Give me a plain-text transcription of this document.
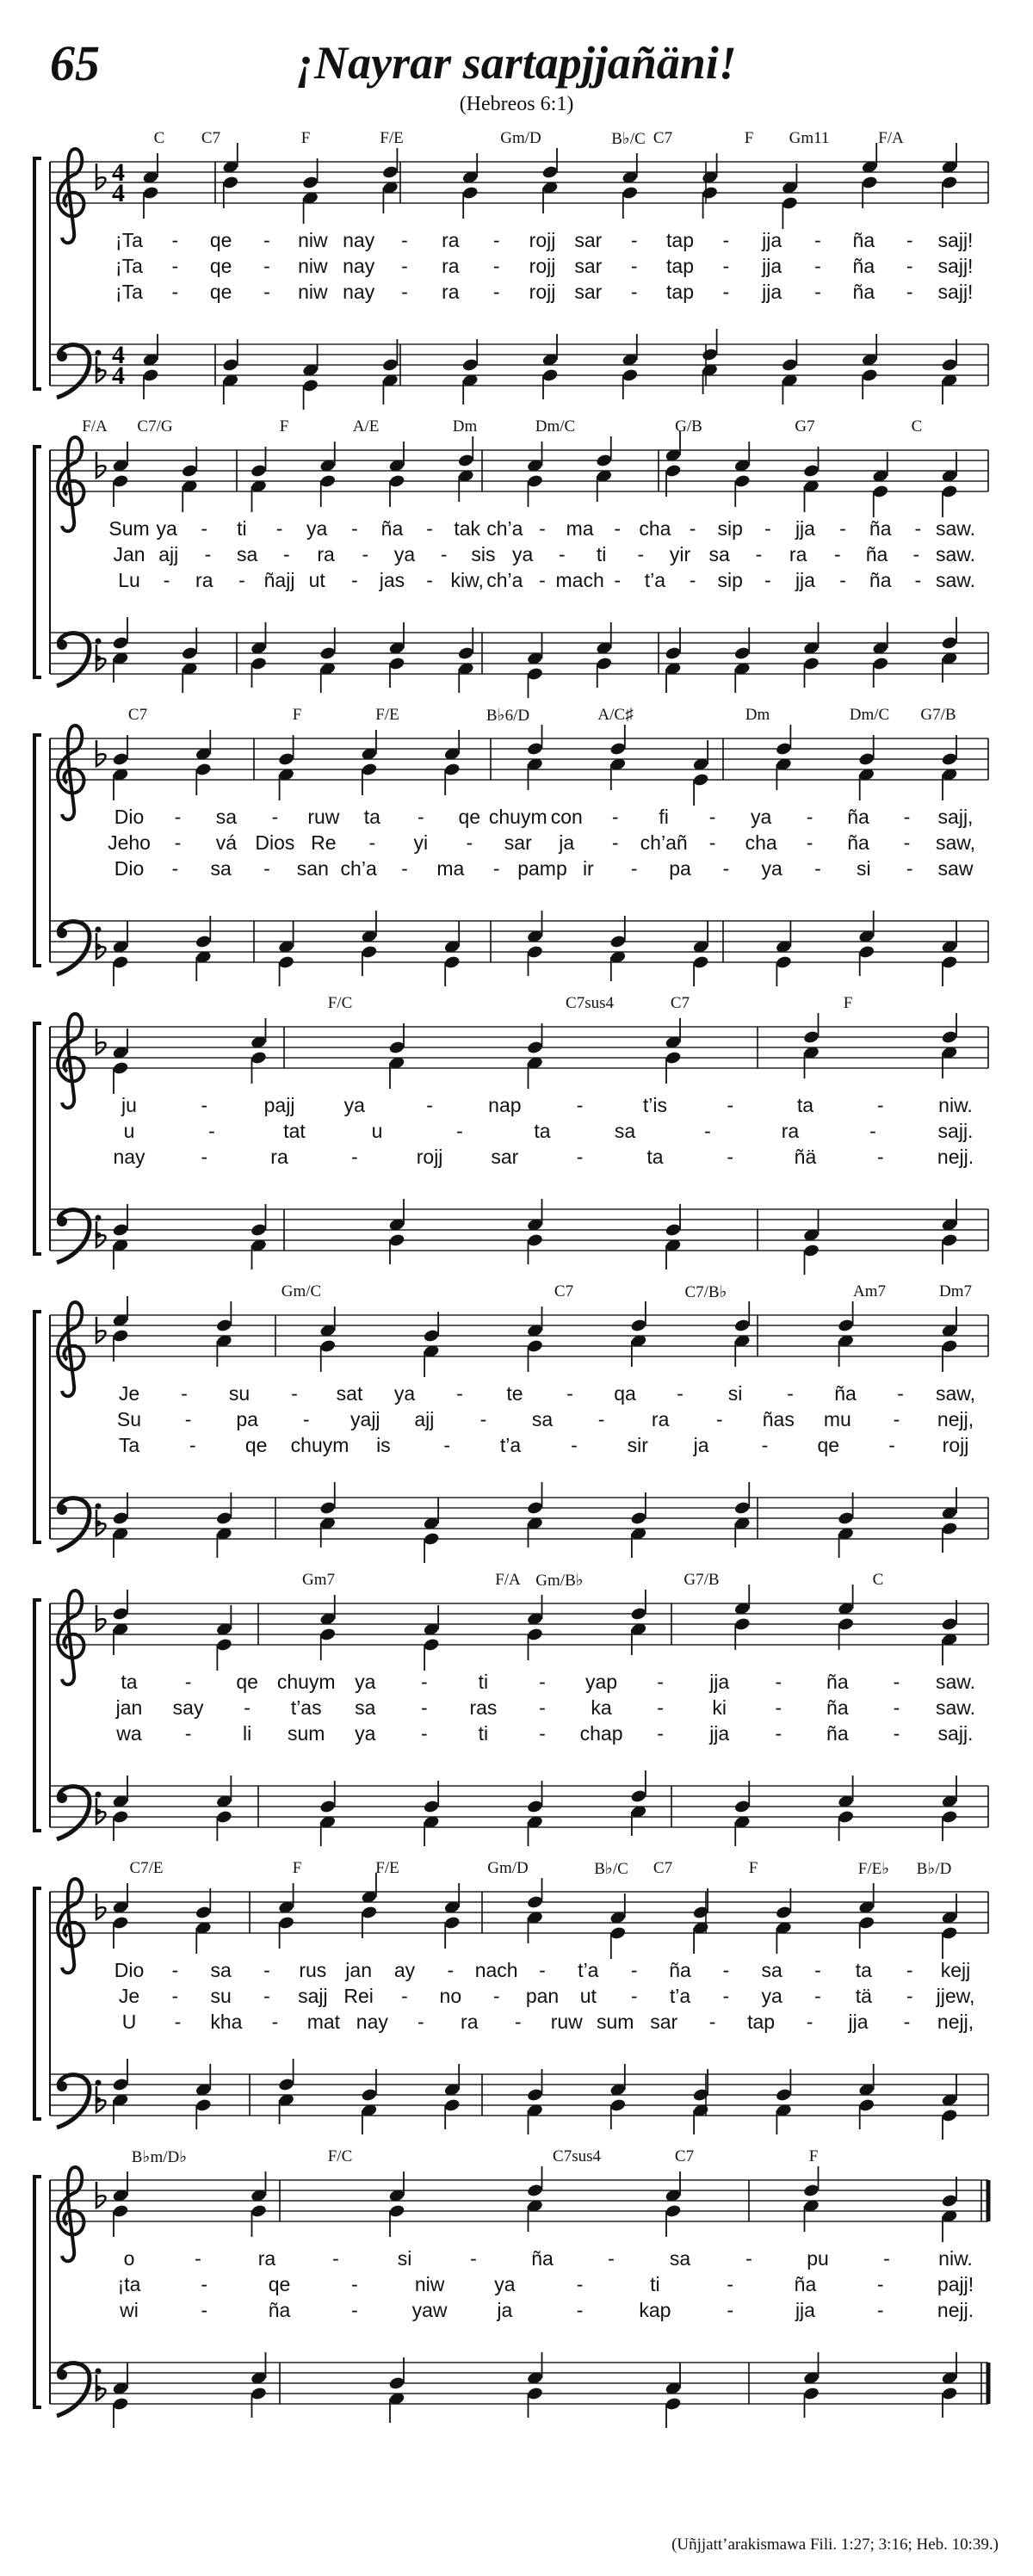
65	¡Nayrar sartapjjañäni!
(Hebreos 6:1)
4
4
4
4
C C7	F	F/E	Gm/D	B♭/C C7	F Gm11	F/A
¡Ta - qe - niw nay - ra - rojj sar - tap - jja - ña - sajj!
¡Ta - qe - niw nay - ra - rojj sar - tap - jja - ña - sajj!
¡Ta - qe - niw nay - ra - rojj sar - tap - jja - ña - sajj!
F/A C7/G	F	A/E	Dm	Dm/C	G/B	G7	C
Sum ya - ti - ya - ña - tak ch’a - ma - cha - sip - jja - ña - saw.
Jan ajj - sa - ra - ya - sis ya - ti - yir sa - ra - ña - saw.
Lu - ra - ñajj ut - jas - kiw, ch’a - mach - t’a - sip - jja - ña - saw.
C7	F	F/E	B♭6/D	A/C♯	Dm	Dm/C G7/B
Dio - sa - ruw ta - qe chuym con - fi - ya - ña - sajj,
Jeho - vá Dios Re - yi - sar ja - ch’añ - cha - ña - saw,
Dio - sa - san ch’a - ma - pamp ir - pa - ya - si - saw
F/C	C7sus4	C7	F
ju	-	pajj ya	-	nap	-	t’is	-	ta	-	niw.
u	-	tat	u	-	ta	sa	-	ra	-	sajj.
nay	-	ra	-	rojj sar	-	ta	-	ñä	-	nejj.
Gm/C	C7	C7/B♭	Am7	Dm7
Je - su - sat ya - te - qa - si - ña - saw,
Su - pa - yajj ajj - sa - ra - ñas mu - nejj,
Ta	- qe chuym is	-	t’a	-	sir ja	- qe - rojj
Gm7	F/A Gm/B♭	G7/B	C
ta - qe chuym ya -	ti	- yap - jja - ña - saw.
jan say - t’as sa - ras - ka - ki - ña - saw.
wa -	li sum ya -	ti	- chap - jja - ña - sajj.
C7/E	F	F/E	Gm/D	B♭/C C7	F	F/E♭ B♭/D
Dio - sa - rus jan ay - nach - t’a - ña - sa - ta - kejj
Je - su - sajj Rei - no - pan ut - t’a - ya - tä - jjew,
U - kha - mat nay - ra - ruw sum sar - tap - jja - nejj,
B♭m/D♭	F/C	C7sus4	C7	F
o	-	ra	-	si	-	ña	-	sa	-	pu	- niw.
¡ta	-	qe	-	niw	ya	-	ti	-	ña	-	pajj!
wi	-	ña	-	yaw	ja	-	kap	-	jja	-	nejj.
(Uñjjatt’arakismawa Fili. 1:27; 3:16; Heb. 10:39.)
